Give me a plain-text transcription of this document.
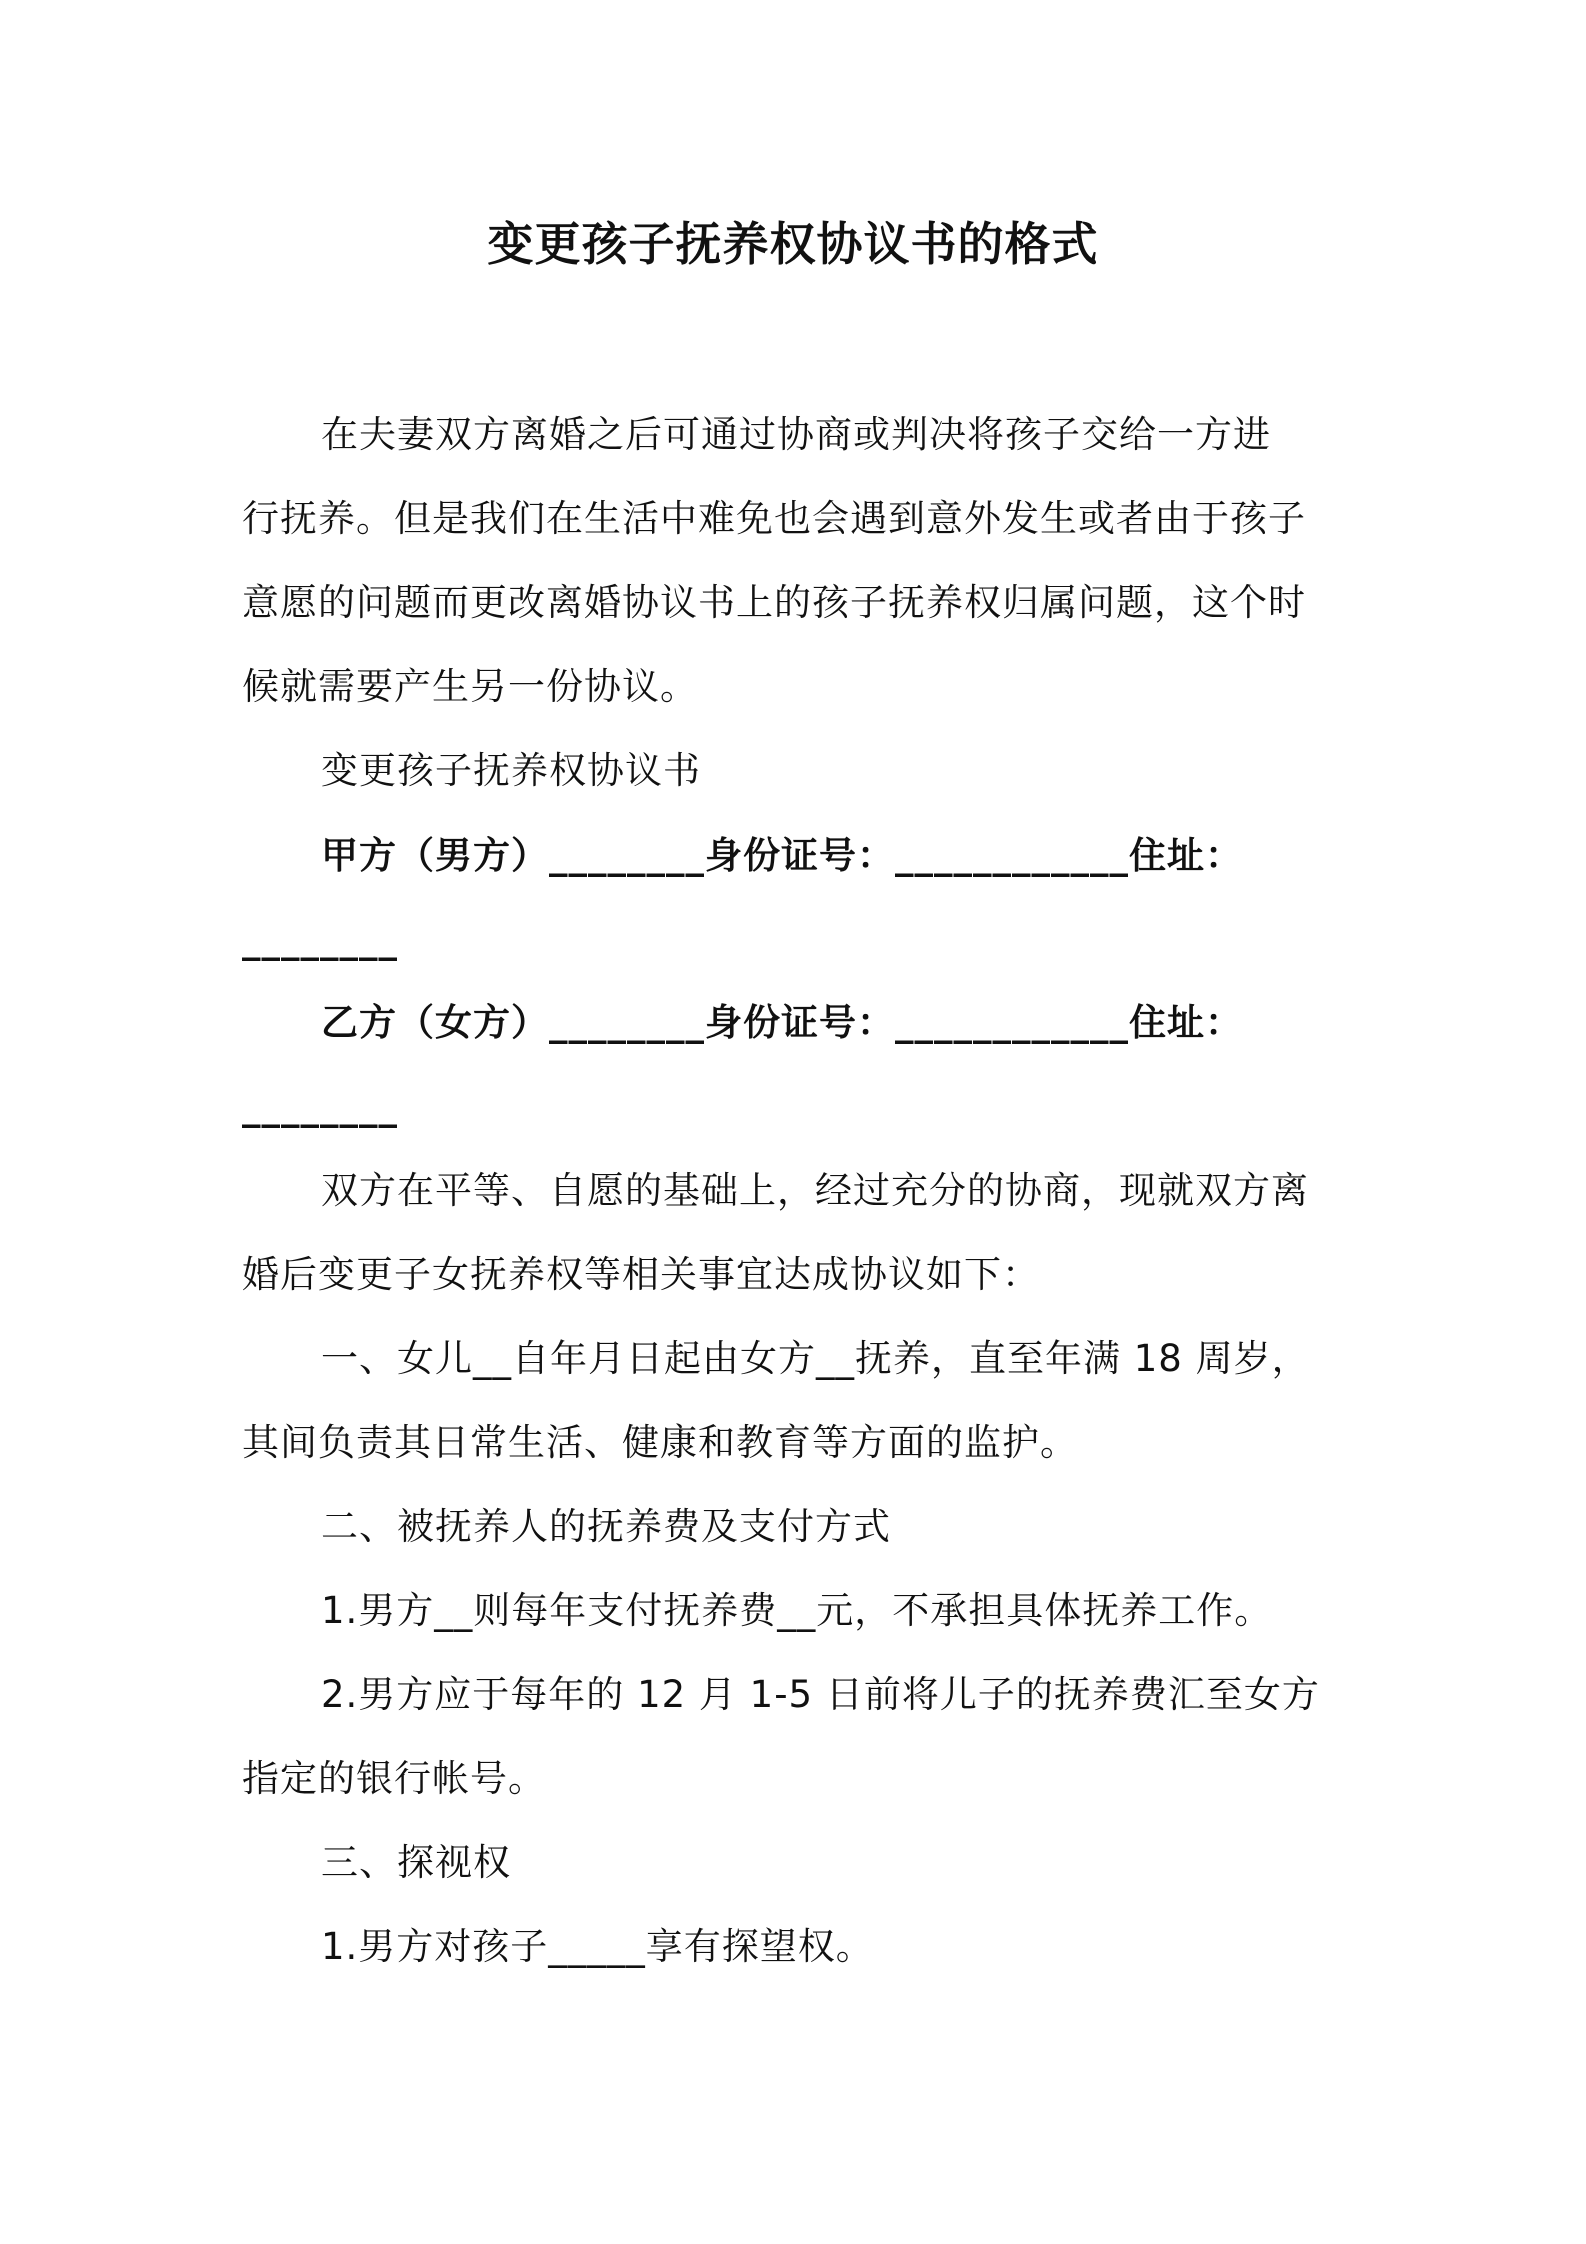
变更孩子抚养权协议书的格式
在夫妻双方离婚之后可通过协商或判决将孩子交给一方进
行抚养。但是我们在生活中难免也会遇到意外发生或者由于孩子
意愿的问题而更改离婚协议书上的孩子抚养权归属问题，这个时
候就需要产生另一份协议。
变更孩子抚养权协议书
甲方（男方）________身份证号：____________住址：
________
乙方（女方）________身份证号：____________住址：
________
双方在平等、自愿的基础上，经过充分的协商，现就双方离
婚后变更子女抚养权等相关事宜达成协议如下：
一、女儿__自年月日起由女方__抚养，直至年满 18 周岁，
其间负责其日常生活、健康和教育等方面的监护。
二、被抚养人的抚养费及支付方式
1.男方__则每年支付抚养费__元，不承担具体抚养工作。
2.男方应于每年的 12 月 1-5 日前将儿子的抚养费汇至女方
指定的银行帐号。
三、探视权
1.男方对孩子_____享有探望权。
